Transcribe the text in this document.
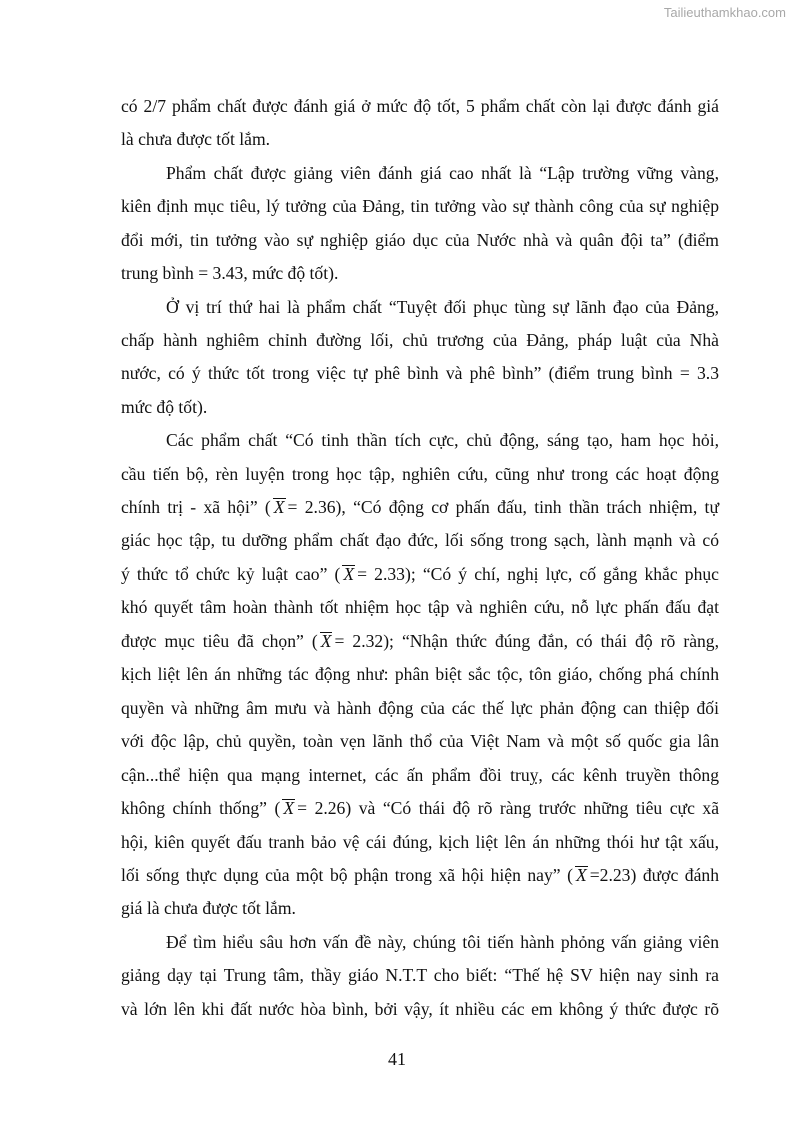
Tailieuthamkhao.com
có 2/7 phẩm chất được đánh giá ở mức độ tốt, 5 phẩm chất còn lại được đánh giá
là chưa được tốt lắm.
Phẩm chất được giảng viên đánh giá cao nhất là “Lập trường vững vàng,
kiên định mục tiêu, lý tưởng của Đảng, tin tưởng vào sự thành công của sự nghiệp
đổi mới, tin tưởng vào sự nghiệp giáo dục của Nước nhà và quân đội ta” (điểm
trung bình = 3.43, mức độ tốt).
Ở vị trí thứ hai là phẩm chất “Tuyệt đối phục tùng sự lãnh đạo của Đảng,
chấp hành nghiêm chỉnh đường lối, chủ trương của Đảng, pháp luật của Nhà
nước, có ý thức tốt trong việc tự phê bình và phê bình” (điểm trung bình = 3.3
mức độ tốt).
Các phẩm chất “Có tinh thần tích cực, chủ động, sáng tạo, ham học hỏi,
cầu tiến bộ, rèn luyện trong học tập, nghiên cứu, cũng như trong các hoạt động
chính trị - xã hội” ( X = 2.36), “Có động cơ phấn đấu, tinh thần trách nhiệm, tự
giác học tập, tu dưỡng phẩm chất đạo đức, lối sống trong sạch, lành mạnh và có
ý thức tổ chức kỷ luật cao” ( X = 2.33); “Có ý chí, nghị lực, cố gắng khắc phục
khó quyết tâm hoàn thành tốt nhiệm học tập và nghiên cứu, nỗ lực phấn đấu đạt
được mục tiêu đã chọn” ( X = 2.32); “Nhận thức đúng đắn, có thái độ rõ ràng,
kịch liệt lên án những tác động như: phân biệt sắc tộc, tôn giáo, chống phá chính
quyền và những âm mưu và hành động của các thế lực phản động can thiệp đối
với độc lập, chủ quyền, toàn vẹn lãnh thổ của Việt Nam và một số quốc gia lân
cận...thể hiện qua mạng internet, các ấn phẩm đồi truỵ, các kênh truyền thông
không chính thống” ( X = 2.26) và “Có thái độ rõ ràng trước những tiêu cực xã
hội, kiên quyết đấu tranh bảo vệ cái đúng, kịch liệt lên án những thói hư tật xấu,
lối sống thực dụng của một bộ phận trong xã hội hiện nay” ( X =2.23) được đánh
giá là chưa được tốt lắm.
Để tìm hiểu sâu hơn vấn đề này, chúng tôi tiến hành phỏng vấn giảng viên
giảng dạy tại Trung tâm, thầy giáo N.T.T cho biết: “Thế hệ SV hiện nay sinh ra
và lớn lên khi đất nước hòa bình, bởi vậy, ít nhiều các em không ý thức được rõ
41
